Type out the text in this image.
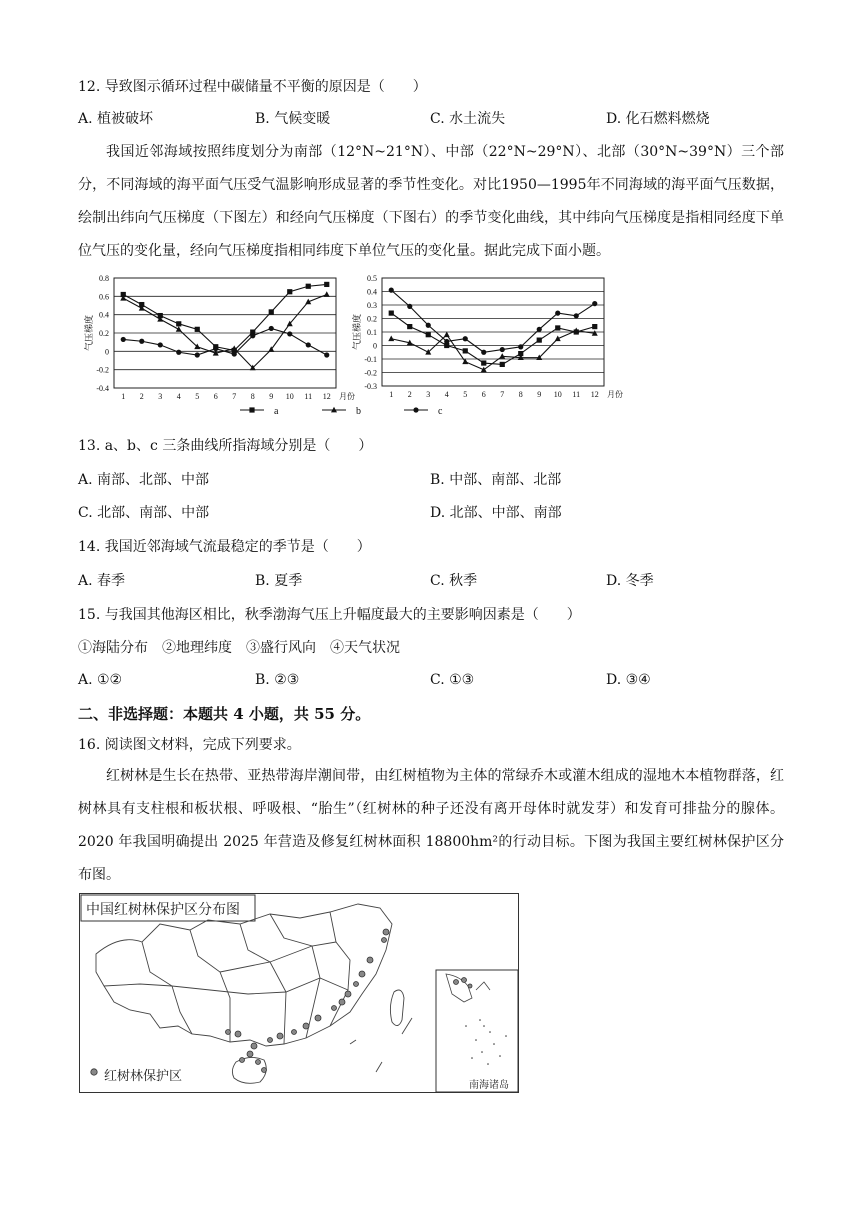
12. 导致图示循环过程中碳储量不平衡的原因是（　　）
A. 植被破坏	B. 气候变暖	C. 水土流失	D. 化石燃料燃烧
我国近邻海域按照纬度划分为南部（12°N~21°N）、中部（22°N~29°N）、北部（30°N~39°N）三个部分，不同海域的海平面气压受气温影响形成显著的季节性变化。对比1950—1995年不同海域的海平面气压数据，绘制出纬向气压梯度（下图左）和经向气压梯度（下图右）的季节变化曲线，其中纬向气压梯度是指相同经度下单位气压的变化量，经向气压梯度指相同纬度下单位气压的变化量。据此完成下面小题。
0.8
0.6
0.4
0.2
0
-0.2
-0.4
1 2 3 4 5 6 7 8 9 10 11 12 月份
气压梯度
0.5
0.4
0.3
0.2
0.1
0
-0.1
-0.2
-0.3
1 2 3 4 5 6 7 8 9 10 11 12 月份
气压梯度
a	b	c
13. a、b、c 三条曲线所指海域分别是（　　）
A. 南部、北部、中部	B. 中部、南部、北部
C. 北部、南部、中部	D. 北部、中部、南部
14. 我国近邻海域气流最稳定的季节是（　　）
A. 春季	B. 夏季	C. 秋季	D. 冬季
15. 与我国其他海区相比，秋季渤海气压上升幅度最大的主要影响因素是（　　）
①海陆分布　②地理纬度　③盛行风向　④天气状况
A. ①②	B. ②③	C. ①③	D. ③④
二、非选择题：本题共 4 小题，共 55 分。
16. 阅读图文材料，完成下列要求。
红树林是生长在热带、亚热带海岸潮间带，由红树植物为主体的常绿乔木或灌木组成的湿地木本植物群落，红树林具有支柱根和板状根、呼吸根、“胎生”（红树林的种子还没有离开母体时就发芽）和发育可排盐分的腺体。2020 年我国明确提出 2025 年营造及修复红树林面积 18800hm²的行动目标。下图为我国主要红树林保护区分布图。
中国红树林保护区分布图
红树林保护区
南海诸岛
